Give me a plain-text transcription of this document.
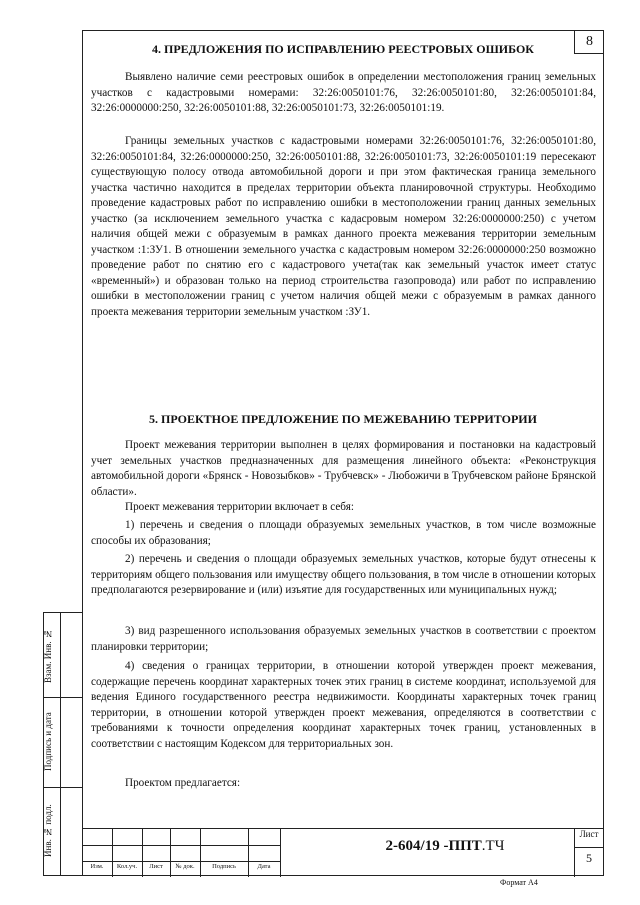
8
4. ПРЕДЛОЖЕНИЯ ПО ИСПРАВЛЕНИЮ РЕЕСТРОВЫХ ОШИБОК

Выявлено наличие семи реестровых ошибок в определении местоположения границ земельных участков с кадастровыми номерами: 32:26:0050101:76, 32:26:0050101:80, 32:26:0050101:84, 32:26:0000000:250, 32:26:0050101:88, 32:26:0050101:73, 32:26:0050101:19.

Границы земельных участков с кадастровыми номерами 32:26:0050101:76, 32:26:0050101:80, 32:26:0050101:84, 32:26:0000000:250, 32:26:0050101:88, 32:26:0050101:73, 32:26:0050101:19 пересекают существующую полосу отвода автомобильной дороги и при этом фактическая граница земельного участка частично находится в пределах территории объекта планировочной структуры. Необходимо проведение кадастровых работ по исправлению ошибки в местоположении границ данных земельных участко (за исключением земельного участка с кадасровым номером 32:26:0000000:250) с учетом наличия общей межи с образуемым в рамках данного проекта межевания территории земельным участком :1:ЗУ1. В отношении земельного участка с кадастровым номером 32:26:0000000:250 возможно проведение работ по снятию его с кадастрового учета(так как земельный участок имеет статус «временный») и образован только на период строительства газопровода) или работ по исправлению ошибки в местоположении границ с учетом наличия общей межи с образуемым в рамках данного проекта межевания территории земельным участком :ЗУ1.

5. ПРОЕКТНОЕ ПРЕДЛОЖЕНИЕ ПО МЕЖЕВАНИЮ ТЕРРИТОРИИ

Проект межевания территории выполнен в целях формирования и постановки на кадастровый учет земельных участков предназначенных для размещения линейного объекта: «Реконструкция автомобильной дороги «Брянск - Новозыбков» - Трубчевск» - Любожичи в Трубчевском районе Брянской области».

Проект межевания территории включает в себя:

1) перечень и сведения о площади образуемых земельных участков, в том числе возможные способы их образования;

2) перечень и сведения о площади образуемых земельных участков, которые будут отнесены к территориям общего пользования или имуществу общего пользования, в том числе в отношении которых предполагаются резервирование и (или) изъятие для государственных или муниципальных нужд;

3) вид разрешенного использования образуемых земельных участков в соответствии с проектом планировки территории;

4) сведения о границах территории, в отношении которой утвержден проект межевания, содержащие перечень координат характерных точек этих границ в системе координат, используемой для ведения Единого государственного реестра недвижимости. Координаты характерных точек границ территории, в отношении которой утвержден проект межевания, определяются в соответствии с требованиями к точности определения координат характерных точек границ, установленных в соответствии с настоящим Кодексом для территориальных зон.

Проектом предлагается:

Взам. Инв. №
Подпись и дата
Инв. № подл.
Изм.	Кол.уч.	Лист	№ док.	Подпись	Дата
2-604/19 -ППТ.ТЧ
Лист
5
Формат А4
